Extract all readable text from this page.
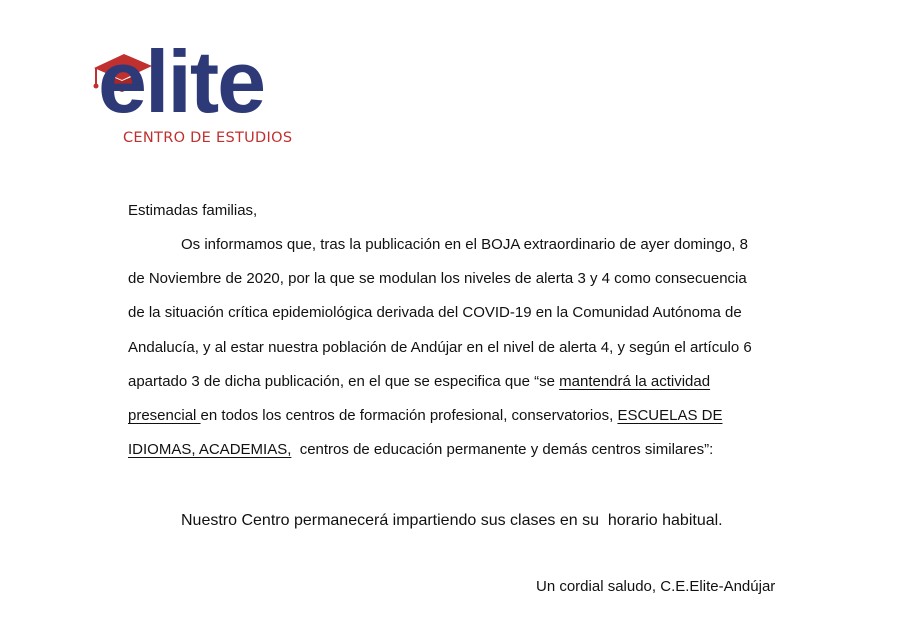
elite
CENTRO DE ESTUDIOS
Estimadas familias,
Os informamos que, tras la publicación en el BOJA extraordinario de ayer domingo, 8
de Noviembre de 2020, por la que se modulan los niveles de alerta 3 y 4 como consecuencia
de la situación crítica epidemiológica derivada del COVID-19 en la Comunidad Autónoma de
Andalucía, y al estar nuestra población de Andújar en el nivel de alerta 4, y según el artículo 6
apartado 3 de dicha publicación, en el que se especifica que “se mantendrá la actividad
presencial en todos los centros de formación profesional, conservatorios, ESCUELAS DE
IDIOMAS, ACADEMIAS,  centros de educación permanente y demás centros similares”:
Nuestro Centro permanecerá impartiendo sus clases en su  horario habitual.
Un cordial saludo, C.E.Elite-Andújar
